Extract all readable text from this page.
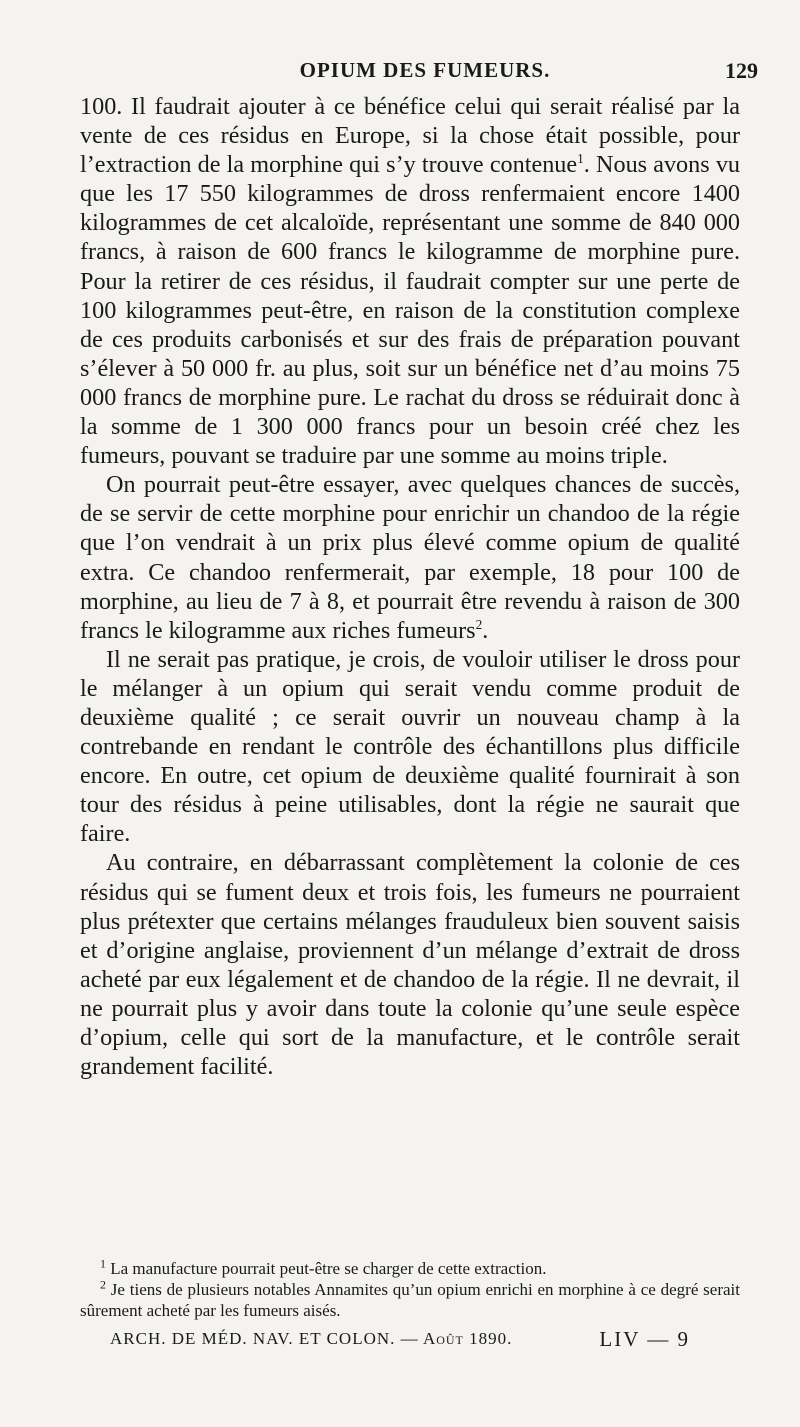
OPIUM DES FUMEURS.	129

100. Il faudrait ajouter à ce bénéfice celui qui serait réalisé par la vente de ces résidus en Europe, si la chose était possible, pour l’extraction de la morphine qui s’y trouve contenue$^1$. Nous avons vu que les 17 550 kilogrammes de dross renfermaient encore 1400 kilogrammes de cet alcaloïde, représentant une somme de 840 000 francs, à raison de 600 francs le kilogramme de morphine pure. Pour la retirer de ces résidus, il faudrait compter sur une perte de 100 kilogrammes peut-être, en raison de la constitution complexe de ces produits carbonisés et sur des frais de préparation pouvant s’élever à 50 000 fr. au plus, soit sur un bénéfice net d’au moins 75 000 francs de morphine pure. Le rachat du dross se réduirait donc à la somme de 1 300 000 francs pour un besoin créé chez les fumeurs, pouvant se traduire par une somme au moins triple.

On pourrait peut-être essayer, avec quelques chances de succès, de se servir de cette morphine pour enrichir un chandoo de la régie que l’on vendrait à un prix plus élevé comme opium de qualité extra. Ce chandoo renfermerait, par exemple, 18 pour 100 de morphine, au lieu de 7 à 8, et pourrait être revendu à raison de 300 francs le kilogramme aux riches fumeurs$^2$.

Il ne serait pas pratique, je crois, de vouloir utiliser le dross pour le mélanger à un opium qui serait vendu comme produit de deuxième qualité ; ce serait ouvrir un nouveau champ à la contrebande en rendant le contrôle des échantillons plus difficile encore. En outre, cet opium de deuxième qualité fournirait à son tour des résidus à peine utilisables, dont la régie ne saurait que faire.

Au contraire, en débarrassant complètement la colonie de ces résidus qui se fument deux et trois fois, les fumeurs ne pourraient plus prétexter que certains mélanges frauduleux bien souvent saisis et d’origine anglaise, proviennent d’un mélange d’extrait de dross acheté par eux légalement et de chandoo de la régie. Il ne devrait, il ne pourrait plus y avoir dans toute la colonie qu’une seule espèce d’opium, celle qui sort de la manufacture, et le contrôle serait grandement facilité.

$^1$ La manufacture pourrait peut-être se charger de cette extraction.

$^2$ Je tiens de plusieurs notables Annamites qu’un opium enrichi en morphine à ce degré serait sûrement acheté par les fumeurs aisés.

ARCH. DE MÉD. NAV. ET COLON. — Août 1890.	LIV — 9
